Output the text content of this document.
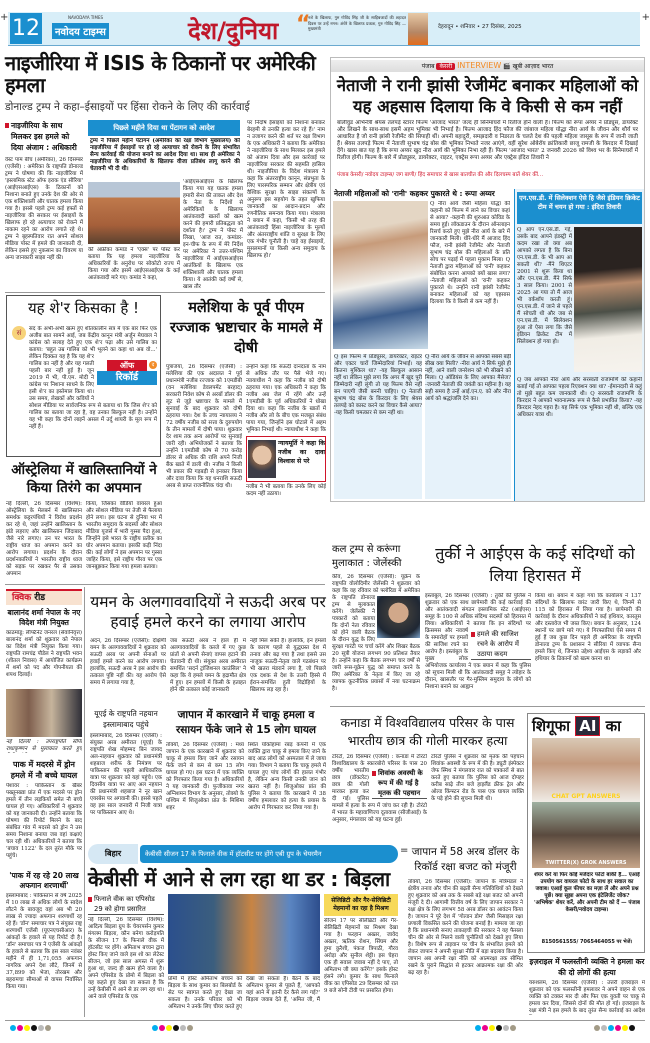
+	+
12	NAVODAYA TIMES
नवोदय टाइम्स	देश/दुनिया “
नशे के खिलाफ, गुरु गोविंद सिंह जी के साहिबजादों की शहादत दिवस पर उन्हें नमन। अंधेरे के खिलाफ प्रकाश, गुरु गोविंद सिंह — मुख्यमंत्री	देहरादून • शनिवार • 27 दिसंबर, 2025
नाइजीरिया में ISIS के ठिकानों पर अमेरिकी हमला
डोनाल्ड ट्रम्प ने कहा–ईसाइयों पर हिंसा रोकने के लिए की कार्रवाई
नाइजीरिया के साथ मिलकर इस हमले को दिया अंजाम : अधिकारी
वेस्ट पाम बीच (अमेरिका), 26 दिसम्बर (एजेंसी) : अमेरिका के राष्ट्रपति डोनाल्ड ट्रम्प ने घोषणा की कि नाइजीरिया में 'इस्लामिक स्टेट ऑफ इराक एंड सीरिया' (आईएसआईएस) के ठिकानों को निशाना बनाते हुए उनके देश की ओर से एक शक्तिशाली और घातक हमला किया गया है। इससे पहले ट्रम्प कई हफ्तों से नाइजीरिया की सरकार पर ईसाइयों के खिलाफ हो रहे अत्याचार को रोकने में नाकाम रहने का आरोप लगाते रहे थे। ट्रम्प ने बृहस्पतिवार रात अपने सोशल मीडिया पोस्ट में हमले की जानकारी दी, लेकिन इससे हुए नुकसान का विवरण या अन्य जानकारी साझा नहीं की।
पिछले महीने दिया था पेंटागन को आदेश
ट्रम्प ने पिछले महीने पेंटागन (अमेरिका का रक्षा विभाग मुख्यालय) को नाइजीरिया में ईसाइयों पर हो रहे अत्याचार को रोकने के लिए संभावित सैन्य कार्रवाई की योजना बनाने का आदेश दिया था। साथ ही अमेरिका ने नाइजीरिया के अधिकारियों के खिलाफ वीजा प्रतिबंध लागू करने की चेतावनी भी दी थी।
की अफ्रीका कमांड ने 'एक्स' पर पोस्ट कर बताया कि यह हमला नाइजीरिया के अधिकारियों के अनुरोध पर सोकोटो राज्य में किया गया और इसमें आईएसआईएस के कई आतंकवादी मारे गए। कमांड ने कहा,
'आईएसआईएस के खिलाफ किया गया यह घातक हमला हमारी सेना की ताकत और देश के नेता के निर्देशों से अमेरिकियों के खिलाफ आतंकवादी खतरों को खत्म करने की हमारी प्रतिबद्धता को दर्शाता है।' ट्रम्प ने पोस्ट में लिखा, 'आज रात, कमांडर-इन-चीफ के रूप में मेरे निर्देश पर अमेरिका ने उत्तर-पश्चिम नाइजीरिया में आईएसआईएस आतंकियों के खिलाफ एक शक्तिशाली और घातक हमला किया। ये आतंकी कई वर्षों से, खास तौर
पर निर्दोष ईसाइयों को निशाना बनाकर बेरहमी से उनकी हत्या कर रहे हैं।' नाम न उजागर करने की शर्त पर रक्षा विभाग के एक अधिकारी ने बताया कि अमेरिका ने नाइजीरिया के साथ मिलकर इस हमले को अंजाम दिया और इस कार्रवाई पर नाइजीरिया सरकार की सहमति हासिल थी। नाइजीरिया के विदेश मंत्रालय ने कहा कि अंतरराष्ट्रीय कानून, संप्रभुता के लिए पारस्परिक सम्मान और क्षेत्रीय एवं वैश्विक सुरक्षा के साझा संकल्पों के अनुरूप इस सहयोग के तहत खुफिया जानकारी का आदान-प्रदान और रणनीतिक समन्वय किया गया। मंत्रालय ने बयान में कहा, 'किसी भी तरह की आतंकवादी हिंसा नाइजीरिया के मूल्यों और अंतरराष्ट्रीय शांति व सुरक्षा के लिए एक गंभीर चुनौती है। चाहे वह ईसाइयों, मुसलमानों या किसी अन्य समुदाय के खिलाफ हो।'
पंजाब केसरी INTERVIEW 🎬 खूबी आज़ाद भारत
नेताजी ने रानी झांसी रेजीमेंट बनाकर महिलाओं को यह अहसास दिलाया कि वे किसी से कम नहीं
बॉलीवुड अभिनेत्री श्रेयस तलपड़े स्टारर फिल्म 'आजाद भारत' जल्द ही सिनेमाघरों में रिलीज होने वाली है। फिल्म को रूपा अय्यर ने प्रोड्यूस, डायरेक्ट और लिखने के साथ-साथ इसमें अहम भूमिका भी निभाई है। फिल्म आजाद हिंद फौज की जांबाज महिला योद्धा नीरा आर्य के जीवन और शौर्य पर आधारित है जो रानी झांसी रेजीमेंट की सिपाही थीं। अपनी बहादुरी, समझदारी व निडरता के चलते देश की पहली महिला जासूस के रूप में जानी जाती हैं। श्रेयस तलपड़े फिल्म में नेताजी सुभाष चंद्र बोस की भूमिका निभाते नजर आएंगे, वहीं सुरेश ओबेरॉय क्रांतिकारी छाजू रामजी के किरदार में दिखाई देंगे। खास बात यह है कि रूपा अय्यर खुद नीरा आर्य की भूमिका निभा रही हैं। फिल्म 'आजाद भारत' 2 जनवरी 2026 को विश्व भर के सिनेमाघरों में रिलीज होगी। फिल्म के बारे में प्रोड्यूसर, डायरेक्टर, राइटर, एक्ट्रेस रूपा अय्यर और एक्ट्रेस इंदिरा तिवारी ने
पंजाब केसरी/ नवोदय टाइम्स/ जग बाणी/ हिंद समाचार से खास बातचीत की और दिलचस्प बातें शेयर कीं...
नेताजी महिलाओं को 'रानी' कहकर पुकारते थे : रूपा अय्यर
Q नीरा आर्य जैसी महिला योद्धा की कहानी को फिल्म में लाने का विचार कहां से आया? -कहानी की शुरुआत कोविड के समय हुई। लॉकडाउन के दौरान ऑनलाइन रिसर्च करते हुए मुझे नीरा आर्य के बारे में जानकारी मिली। धीरे-धीरे मैं आजाद हिंद फौज, रानी झांसी रेजीमेंट और नेताजी सुभाष चंद्र बोस की महिलाओं के प्रति सोच पर पढ़ाई में पहला मुकाम मिला। Q नेताजी द्वारा महिलाओं को 'रानी' कहकर संबोधित करना आपको क्यों खास लगा? -नेताजी महिलाओं को 'रानी' कहकर पुकारते थे। उन्होंने रानी झांसी रेजीमेंट बनाकर महिलाओं को यह एहसास दिलाया कि वे किसी से कम नहीं हैं।
एन.एस.डी. में सिलेक्शन ऐसे हि जैसे इंडियन क्रिकेट टीम में चयन हो गया : इंदिरा तिवारी
Q आप एन.एस.डी. गईं, उसके बाद आपने इंडस्ट्री में कदम रखा तो क्या अब आपको लगता है कि बिना एन.एस.डी. के भी आप आ सकती थीं? -मैंने थिएटर 2001 से शुरू किया था और एन.एस.डी. मैंने सिर्फ 3 साल किया। 2001 से 2025 आ गया तो मैं आज भी वर्कशॉप करती हूं। एन.एस.डी. में जाने से पहले मैं सोचती थी और जब से एन.एस.डी. में सिलेक्शन हुआ तो ऐसा लगा कि जैसे इंडियन क्रिकेट टीम में सिलेक्शन हो गया हो।
Q इस फिल्म में प्रोड्यूसर, डायरेक्टर, राइटर और एक्टर चारों जिम्मेदारियां निभाईं। यह कितना मुश्किल था? -यह बिल्कुल आसान नहीं था लेकिन मुझे लगा कि अगर मैं खुद पूरी जिम्मेदारी नहीं लूंगी तो यह फिल्म वैसे नहीं बन पाएगी जैसी बननी चाहिए। Q नेताजी सुभाष चंद्र बोस के किरदार के लिए श्रेयस तलपड़े को कास्ट करने का विचार कैसे आया? -यह किसी चमत्कार से कम नहीं था।
Q नीरा आर्य के जीवन से आपको सबसे बड़ी सीख क्या मिली? -नीरा आर्य ने सिर्फ मुझे ही नहीं, आने वाली जनरेशन को भी सीखने को मिला। Q ऑडियंस के लिए आपका मैसेज? -जनवरी नेताजी की जयंती का महीना है। यह सही समय है उन्हें आई.एन.ए. को और नीरा आर्य को श्रद्धांजलि देने का।
Q जब आपको नीरा आर्य और सरस्वती राजामणि की कहानी बताई गई तो आपका पहला रिएक्शन क्या था? -ईमानदारी से कहूं तो मुझे बहुत कम जानकारी थी। Q सरस्वती राजामणि के किरदार ने आपको भावनात्मक रूप से कैसे प्रभावित किया? -यह किरदार नेहद गहरा है। यह सिर्फ एक भूमिका नहीं थी, बल्कि एक अधिकार यात्रा थी।
यह शे'र किसका है !
सं
ऑफ
रिकॉर्ड
द
सद के अभी-अभी खत्म हुए शीतकालीन सत्र में एक बार फिर एक अजीब बात सामने आई, जब केंद्रीय कानून मंत्री अर्जुन मेघवाल ने कांग्रेस को सलाह देते हुए एक शे'र पढ़ा और उसे गालिब का बताया: 'बहुत उम्र गालिब को भी भूलने का कहा था अब वो...' लेकिन दिक्कत यह है कि यह शे'र गालिब का नहीं है और यह गलती पहली बार नहीं हुई है। जून 2019 में भी, पी.एम. मोदी ने कांग्रेस पर निशाना साधने के लिए इसी शे'र का इस्तेमाल किया था। उस समय, लेखकों और कवियों ने सोशल मीडिया पर सार्वजनिक रूप से बताया था कि जिस शे'र को गालिब का बताया जा रहा है, वह उनका बिल्कुल नहीं है। उन्होंने यह भी कहा कि दोनों लाइनें असल में उर्दू शायरी के मूल रूप में नहीं हैं।
मलेशिया के पूर्व पीएम रज्जाक भ्रष्टाचार के मामले में दोषी
पुत्राजया, 26 दिसम्बर (एजेंसी) : मलेशिया की एक अदालत ने पूर्व प्रधानमंत्री नजीब रज्जाक को 1एमडीबी (वन मलेशिया डेवलपमेंट बरहाद) सरकारी निवेश कोष से अरबों डॉलर की लूट से जुड़े भ्रष्टाचार के मामले में सुनवाई के बाद शुक्रवार को दोषी ठहराया गया। देश के उच्च न्यायालय ने 72 वर्षीय नजीब को सत्ता के दुरुपयोग के तीन मामलों में दोषी पाया। शुक्रवार देर शाम तक अन्य आरोपों पर सुनवाई जारी रही। अभियोजकों ने बताया कि उन्होंने 1एमडीबी कोष से 70 करोड़ डॉलर से अधिक की राशि अपने निजी बैंक खाते में डाली थी। नजीब ने किसी भी प्रकार की गड़बड़ी से इनकार किया और दावा किया कि यह धनराशि सऊदी अरब से प्राप्त राजनीतिक चंदा थी।
न्यायमूर्ति ने कहा कि नजीब का दावा विश्वास से परे
उन्होंने कहा कि सऊदी दानदाता के नाम से अधिक तौर पर पैसे भेजे गए। न्यायाधीश ने कहा कि नजीब को दोषी ठहराया गया। एक अधिकारी ने कहा कि नजीब अब जेल में रहेंगे और उन्हें 1एमडीबी के पूर्व अधिकारियों ने धोखा दिया था। कहा कि नजीब के खातों में नजीब और लो के बीच एक मजबूत संबंध पाया गया, जिन्होंने इस घोटाले में अहम भूमिका निभाई थी। न्यायाधीश ने कहा कि नजीब ने भी बताया कि उनके लिए कोई कदम नहीं उठाया।
ऑस्ट्रेलिया में खालिस्तानियों ने किया तिरंगे का अपमान
नई दिल्ली, 26 दिसम्बर (विशेष): ऑस्ट्रेलिया के मेलबर्न में खालिस्तान समर्थक कट्टरपंथियों ने विरोध प्रदर्शन कर रहे थे, जहां उन्होंने खालिस्तान के झंडे लहराए और खालिस्तान जिंदाबाद जैसे नारे लगाए। उन पर भारत के राष्ट्रीय ध्वज का अपमान करने का आरोप लगाया। प्रदर्शन के दौरान प्रदर्शनकारियों ने भारतीय राष्ट्रीय ध्वज को सड़क पर रखकर पैर से उसका अपमान
किया, जिसका वीडियो वायरल हुआ और सोशल मीडिया पर तेजी से फैलाया होने लगा। इस घटना से दुनिया भर में भारतीय समुदाय के सदस्यों और सोशल मीडिया यूजर्स में भारी गुस्सा पैदा हुआ, जिन्होंने इसे भारत के राष्ट्रीय प्रतीक का घोर अपमान बताया। इसकी कड़ी निंदा की। कई लोगों ने इस अपमान पर गुस्सा जाहिर किया, इसे राष्ट्रीय गौरव पर एक जानबूझकर किया गया हमला बताया।
क्विक रीड
बालानंद शर्मा नेपाल के नए विदेश मंत्री नियुक्त
काठमांडू: लेफ्टिनेंट जनरल (सेवानिवृत्त) बालानंद शर्मा को शुक्रवार को नेपाल का विदेश मंत्री नियुक्त किया गया। राष्ट्रपति रामचंद्र पौडेल ने राष्ट्रपति भवन (शीतल निवास) में आयोजित कार्यक्रम में शर्मा को पद और गोपनीयता की शपथ दिलाई।
नई दिल्ली : उपराष्ट्रपति सीपी राधाकृष्णन से मुलाकात करते हुए
पाक में मदरसे में ड्रोन हमले में नौ बच्चे घायल
पेशावर : पाकिस्तान के खैबर पख्तूनख्वा प्रांत में एक मदरसे पर ड्रोन हमले में तीन लड़कियों समेत नौ बच्चे घायल हो गए। अधिकारियों ने शुक्रवार को यह जानकारी दी। उन्होंने बताया कि घोषणा की रिपोर्ट मिलने के बाद संबंधित गांव में मदरसे को ड्रोन ने उस समय निशाना बनाया जब वहां कक्षाएं चल रही थीं। अधिकारियों ने बताया कि 'बचाव 1122' के दल तुरंत मौके पर पहुंचे।
'पाक में रह रहे 20 लाख अफगान शरणार्थी'
इस्लामाबाद : पाकिस्तान से वर्ष 2025 में 10 लाख से अधिक लोगों के स्वदेश लौटने के बावजूद वहां अब भी 20 लाख से ज्यादा अफगान शरणार्थी रह रहे हैं। 'डॉन' समाचार पत्र ने संयुक्त राष्ट्र शरणार्थी एजेंसी (यूएनएचसीआर) के आंकड़ों के हवाले से यह रिपोर्ट दी है। 'डॉन' समाचार पत्र ने एजेंसी के आंकड़ों के हवाले से बताया कि इस साल नवंबर महीने में ही 1,71,055 अफगान नागरिक अपने देश लौटे, जिनमें से 37,899 को भेजा, तोरखम और बहरामचा सीमाओं से वापस निर्वासित किया गया।
यमन के अलगाववादियों ने सऊदी अरब पर हवाई हमले करने का लगाया आरोप
अदन, 26 दिसम्बर (एजेंसी): दक्षिणी यमन के अलगाववादियों ने शुक्रवार को सऊदी अरब पर अपनी सेनाओं पर हवाई हमले करने का आरोप लगाया। हालांकि, सऊदी अरब ने इस आरोप की तत्काल पुष्टि नहीं की। यह आरोप ऐसे समय में लगाया गया है,
जब सऊदी अरब ने हाल ही में अलगाववादियों के कब्जे में गए कुछ प्रांतों से अपनी सेनाएं वापस हटाने की चेतावनी दी थी। संयुक्त अरब अमीरात समर्थित 'सदर्न ट्रांजिशनल काउंसिल' ने कहा कि ये हमले यमन के हद्रामौत क्षेत्र में हुए। इन हमलों में किसी के हताहत होने की तत्काल कोई जानकारी
नहीं मिल सकी है। हालांकि, इन हमलों के कारण पहले से युद्धग्रस्त देश में तनाव और बढ़ गया है तथा इससे उस नाजुक सऊदी-नेतृत्व वाले गठबंधन पर भी खतरा मंडराने लगा है, जो पिछले एक दशक से देश के उत्तरी हिस्से में ईरान-समर्थित हूती विद्रोहियों के खिलाफ लड़ रहा है।
यूएई के राष्ट्रपति नहयान इस्लामाबाद पहुंचे
इस्लामाबाद, 26 दिसम्बर (एजेंसी) : संयुक्त अरब अमीरात (यूएई) के राष्ट्रपति शेख मोहम्मद बिन जायद अल-नाहयान शुक्रवार को प्रधानमंत्री शहबाज शरीफ के निमंत्रण पर पाकिस्तान की पहली आधिकारिक यात्रा पर शुक्रवार को यहां पहुंचे। एक दिवसीय यात्रा पर आए अल नहयान की प्रधानमंत्री शहबाज ने नूर खान एयरबेस पर अगवानी की। इससे पहले वह इस साल जनवरी में निजी यात्रा पर पाकिस्तान आए थे।
जापान में कारखाने में चाकू हमला व रसायन फेंके जाने से 15 लोग घायल
तोक्यो, 26 दिसम्बर (एजेंसी) : मध्य जापान के एक कारखाने में शुक्रवार को चाकू से हमला किए जाने और रसायन फेंके जाने से कम से कम 15 लोग घायल हो गए। इस घटना में एक व्यक्ति को गिरफ्तार किया गया है। अधिकारियों ने यह जानकारी दी। फुजीकावा नगर अग्निशमन विभाग के अनुसार, तोक्यो के पश्चिम में शिजुओका प्रांत के मिशिमा शहर
स्थित योकोहामा रबड़ कंपनी में एक व्यक्ति द्वारा चाकू से हमला किए जाने के बाद आठ लोगों को अस्पताल में ले जाया गया। विभाग ने बताया कि चाकू हमले में घायल हुए पांच लोगों की हालत गंभीर है, लेकिन अन्य किसी उनकी जान को खतरा नहीं है। शिजुओका प्रांत की पुलिस ने बताया कि कारखाने में 38 वर्षीय हमलावर को हत्या के प्रयास के आरोप में गिरफ्तार कर लिया गया है।
कल ट्रम्प से करूंगा मुलाकात : जेलेंस्की
कीव, 26 दिसम्बर (एजेंसी): यूक्रेन के राष्ट्रपति वोलोदिमीर जेलेंस्की ने शुक्रवार को कहा कि वह रविवार को फ्लोरिडा में अमेरिका के राष्ट्रपति डोनाल्ड ट्रम्प से मुलाकात करेंगे। जेलेंस्की ने पत्रकारों को बताया कि दोनों नेता रविवार को होने वाली बैठक के दौरान युद्ध के लिए सुरक्षा गारंटी पर चर्चा करेंगे और शिखर बैठक 20 सूत्री योजना लगभग 90 प्रतिशत तैयार है। उन्होंने कहा कि बैठक लगभग चार वर्षों से जारी रूस-यूक्रेन युद्ध को समाप्त करने के लिए अमेरिका के नेतृत्व में किए जा रहे व्यापक कूटनीतिक प्रयासों में नया घटनाक्रम है।
तुर्की ने आईएस के कई संदिग्धों को लिया हिरासत में
हमले की साजिश रचने के आरोप में उठाया कदम
इस्तांबुल, 26 दिसम्बर (एजेंसी) : तुर्की की पुलिस ने शुक्रवार को एक साथ छापेमारी की कई कार्रवाई की और आतंकवादी संगठन इस्लामिक स्टेट (आईएस) समूह के 100 से अधिक संदिग्ध सदस्यों को हिरासत में लिया। अधिकारियों ने बताया कि इन संदिग्धों पर क्रिसमस और नववर्ष के समारोहों पर हमलों की साजिश रचने का आरोप है। इस्तांबुल के मुख्य लोक अभियोजक कार्यालय ने एक बयान में कहा कि पुलिस को सूचना मिली थी कि आतंकवादी समूह ने त्योहार के दौरान, खासतौर पर गैर-मुस्लिम समुदाय के लोगों को निशाना बनाने का आह्वान
किया था। बयान में कहा गया कि कार्यालय ने 137 संदिग्धों के खिलाफ वारंट जारी किए थे, जिनमें से 115 को हिरासत में लिया गया है। छापेमारी की कार्रवाई के दौरान अधिकारियों ने कई हथियार, कारतूस और दस्तावेज भी जब्त किए। बयान के अनुसार, 124 स्थानों पर छापे मारे गए। ये गिरफ्तारियां ऐसे समय में हुई हैं जब कुछ दिन पहले ही अमेरिका के राष्ट्रपति डोनाल्ड ट्रम्प के प्रशासन ने सीरिया में व्यापक सैन्य हमले किए थे, जिनका उद्देश्य आईएस के लड़ाकों और हथियार के ठिकानों को खत्म करना था।
कनाडा में विश्वविद्यालय परिसर के पास भारतीय छात्र की गोली मारकर हत्या
शिवांक अवस्थी के रूप में की गई है मृतक की पहचान
टोरंटो, 26 दिसम्बर (एजेंसी) : कनाडा में टोरंटो विश्वविद्यालय के स्कारबोरो परिसर के पास 20 वर्षीय भारतीय छात्र (डॉक्टरेट) छात्र की गोली मारकर हत्या कर दी गई। पुलिस मामले में हत्या के रूप में जांच कर रही है। टोरंटो में भारत के महावाणिज्य दूतावास (सीजीआई) के अनुसार, मंगलवार को यह घटना हुई।
टोरंटो पुलिस ने शुक्रवार को मृतक की पहचान शिवांक अवस्थी के रूप में की है। ड्यूटी इंस्पेक्टर जेफ स्मिथ ने मंगलवार रात को पत्रकारों से बात करते हुए बताया कि पुलिस को आज दोपहर करीब साढ़े तीन बजे हाइलैंड क्रीक ट्रेल और ओल्ड किंग्स्टन रोड के पास एक घायल व्यक्ति के पड़े होने की सूचना मिली थी।
शिगूफा AI का
CHAT GPT ANSWERS
TWITTER(X) GROK ANSWERS
शेयर करें या फिर कोई मजेदार फोटो बाकी है... एआई उपयोग कर वायरल फोटो के साथ हर सवाल का जवाब। एआई कूल फीचर का मज़ा लें और अपने प्रश्न पूछें। क्या सूझा अपना एक इंटेलिजेंट जोक? 'अभिषेक' शेयर करें, और अपनी टीम को दें — पंजाब केसरी/नवोदय टाइम्स।
8150561555/ 7065464055 पर भेजें।
इज़राइल में फलस्तीनी व्यक्ति ने हमला कर की दो लोगों की हत्या
यरुशलम, 26 दिसम्बर (एजेंसी) : उत्तरी इजराइल में शुक्रवार को एक फलस्तीनी हमलावर ने अपने वाहन से एक व्यक्ति को टक्कर मार दी और फिर एक युवती पर चाकू से हमला कर दिया, जिससे दोनों की मौत हो गई। इजराइल के रक्षा मंत्री ने इस हमले के बाद तुरंत सैन्य कार्रवाई का आदेश
बिहार	केबीसी सीजन 17 के फिनाले वीक में हॉटसीट पर होंगे एबी ग्रुप के चेयरमैन
केबीसी में आने से लग रहा था डर : बिड़ला
फिनाले वीक का एपिसोड 29 को होगा प्रसारित
नई दिल्ली, 26 दिसम्बर (विशेष): आदित्य बिड़ला ग्रुप के चेयरपर्सन कुमार मंगलम बिड़ला, कौन बनेगा करोड़पति के सीजन 17 के फिनाले वीक में हॉटसीट पर होंगे। अमिताभ बच्चन द्वारा होस्ट किए जाने वाले इस शो का लेटेस्ट सीजन, जो इस साल अगस्त में शुरू हुआ था, जल्द ही खत्म होने वाला है। अपने एपिसोड के प्रोमो में बिड़ला को यह कहते हुए देखा जा सकता है कि उन्हें केबीसी में आने से डर लग रहा था। आने वाले एपिसोड के एक
प्रोमो में होस्ट अमिताभ बच्चन को बिड़ला के साथ कुमार का बिलबोर्ड के सेट पर स्वागत करते हुए देखा जा सकता है। उनके परिवार को भी अमिताभ ने उनके लिए चीयर करते हुए देखा जा सकता है। बैठने के बाद अमिताभ कुमार से पूछते हैं, 'आपको यहां आने में इतनी देर कैसे लग गई?' बिड़ला जवाब देते हैं, 'अमित जी, मैं
सेलिब्रिटी और गैर-सेलिब्रिटी मेहमानों का रहा है मिश्रण
सीजन 17 पर सेलिब्रिटी और गैर-सेलिब्रिटी मेहमानों का मिश्रण देखा गया है। फरहान अख्तर, जावेद अख्तर, ऋतिक रोशन, सिंघम और हुमा कुरैशी, पंकज त्रिपाठी, गौरव अरोड़ा और सुनील शेट्टी। इस चेहरा एक ही सवाल जवाब नहीं दे पाए, तो अमिताभ जी क्या करेंगे?' इसके होस्ट हंसने लगे। कुमार के साथ फिनाले वीक का एपिसोड 29 दिसम्बर को रात 9 बजे सोनी टीवी पर प्रसारित होगा।
= जापान में 58 अरब डॉलर के रिकॉर्ड रक्षा बजट को मंजूरी
तोक्यो, 26 दिसम्बर (एजेंसी): जापान के मंत्रिमंडल ने क्षेत्रीय तनाव और चीन की बढ़ती सैन्य गतिविधियों को देखते हुए शुक्रवार को अब तक के सबसे बड़े रक्षा बजट को अपनी मंजूरी दे दी। आगामी वित्तीय वर्ष के लिए जापान सरकार ने रक्षा क्षेत्र के लिए लगभग 58 अरब डॉलर का आवंटन किया है। जापान ने पूरे देश में 'गोल्डन डोम' जैसी मिसाइल रक्षा प्रणाली विकसित करने की योजना बनाई है। मामला जा रहा है कि प्रधानमंत्री सनाए ताकाइची की सरकार ने यह फैसला चीन की ओर से मिलने वाली चुनौतियों को देखते हुए लिया है। विशेष रूप से ताइवान पर चीन के संभावित हमले को लेकर जापान ने अपनी सुरक्षा नीति में बड़ा बदलाव किया है। जापान अब अपनी रक्षा नीति को आत्मरक्षा तक सीमित रखने के पुराने सिद्धांत से हटकर आक्रामक रक्षा की ओर बढ़ रहा है।
